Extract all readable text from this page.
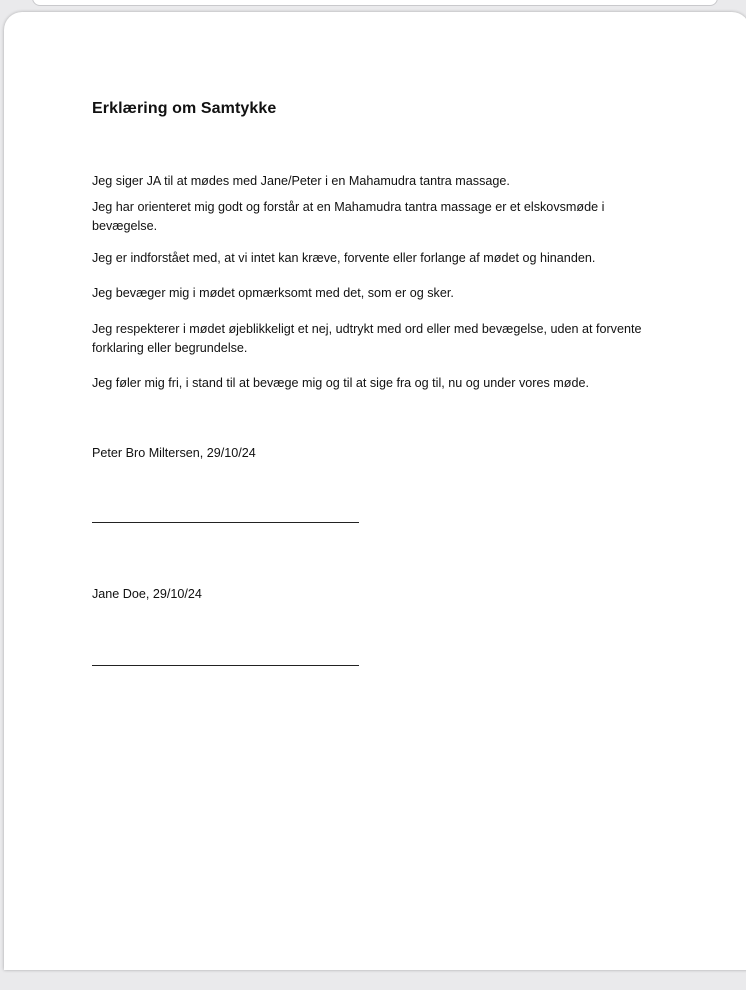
Erklæring om Samtykke

Jeg siger JA til at mødes med Jane/Peter i en Mahamudra tantra massage.

Jeg har orienteret mig godt og forstår at en Mahamudra tantra massage er et elskovsmøde i bevægelse.

Jeg er indforstået med, at vi intet kan kræve, forvente eller forlange af mødet og hinanden.

Jeg bevæger mig i mødet opmærksomt med det, som er og sker.

Jeg respekterer i mødet øjeblikkeligt et nej, udtrykt med ord eller med bevægelse, uden at forvente forklaring eller begrundelse.

Jeg føler mig fri, i stand til at bevæge mig og til at sige fra og til, nu og under vores møde.

Peter Bro Miltersen, 29/10/24

Jane Doe, 29/10/24
